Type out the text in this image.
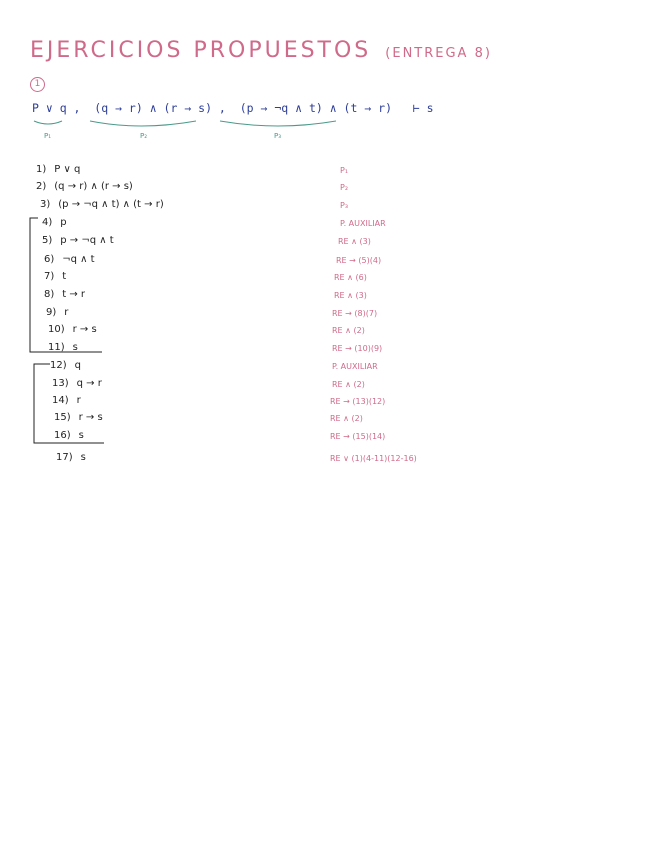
EJERCICIOS PROPUESTOS (ENTREGA 8)
1
P ∨ q ,  (q → r) ∧ (r → s) ,  (p → ¬q ∧ t) ∧ (t → r)   ⊢ s
P₁	P₂	P₃
1) P ∨ q	P₁
2) (q → r) ∧ (r → s)	P₂
3) (p → ¬q ∧ t) ∧ (t → r)	P₃
4) p	P. AUXILIAR
5) p → ¬q ∧ t	RE ∧ (3)
6) ¬q ∧ t	RE → (5)(4)
7) t	RE ∧ (6)
8) t → r	RE ∧ (3)
9) r	RE → (8)(7)
10) r → s	RE ∧ (2)
11) s	RE → (10)(9)
12) q	P. AUXILIAR
13) q → r	RE ∧ (2)
14) r	RE → (13)(12)
15) r → s	RE ∧ (2)
16) s	RE → (15)(14)
17) s	RE ∨ (1)(4-11)(12-16)
